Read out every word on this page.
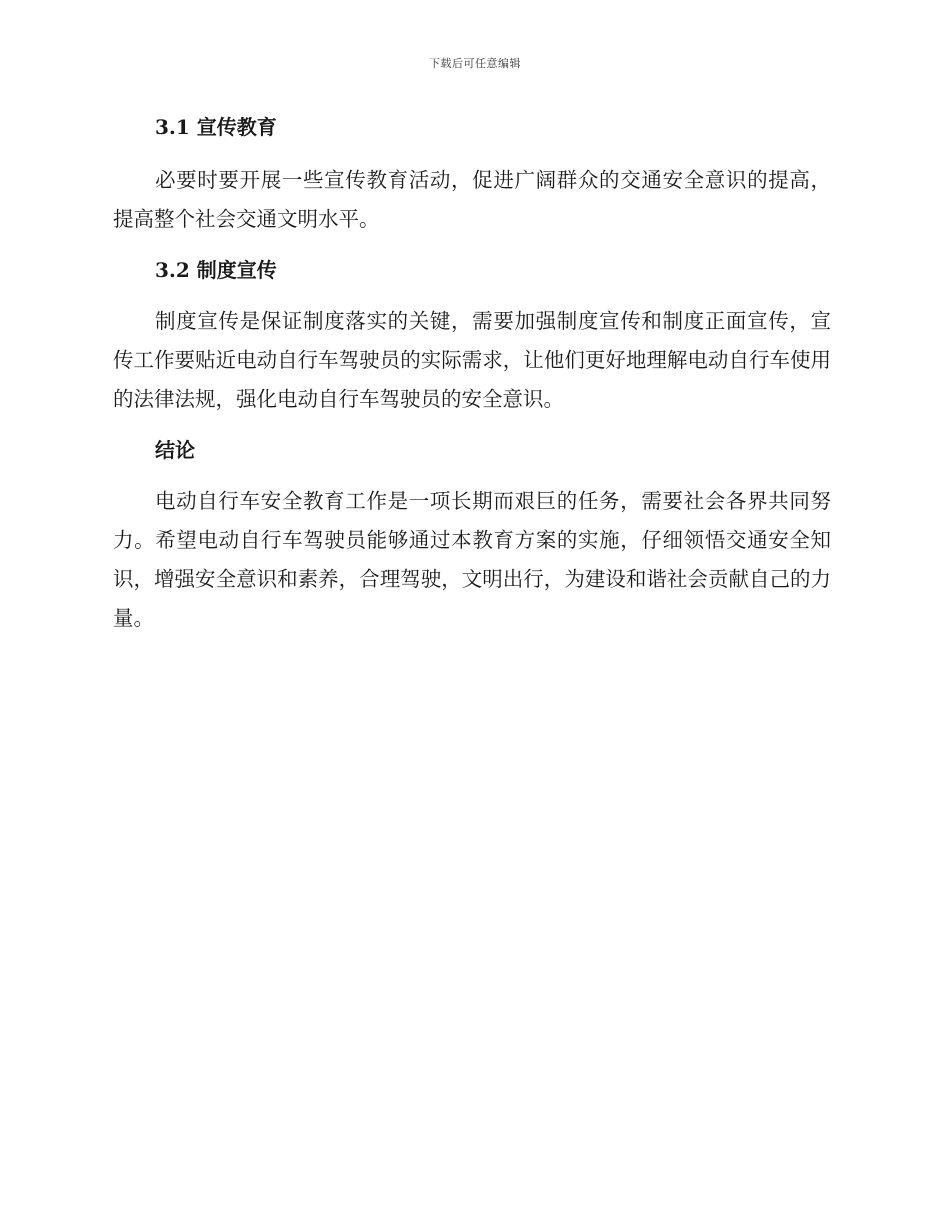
下载后可任意编辑
3.1 宣传教育

必要时要开展一些宣传教育活动，促进广阔群众的交通安全意识的提高，提高整个社会交通文明水平。

3.2 制度宣传

制度宣传是保证制度落实的关键，需要加强制度宣传和制度正面宣传，宣传工作要贴近电动自行车驾驶员的实际需求，让他们更好地理解电动自行车使用的法律法规，强化电动自行车驾驶员的安全意识。

结论

电动自行车安全教育工作是一项长期而艰巨的任务，需要社会各界共同努力。希望电动自行车驾驶员能够通过本教育方案的实施，仔细领悟交通安全知识，增强安全意识和素养，合理驾驶，文明出行，为建设和谐社会贡献自己的力量。
